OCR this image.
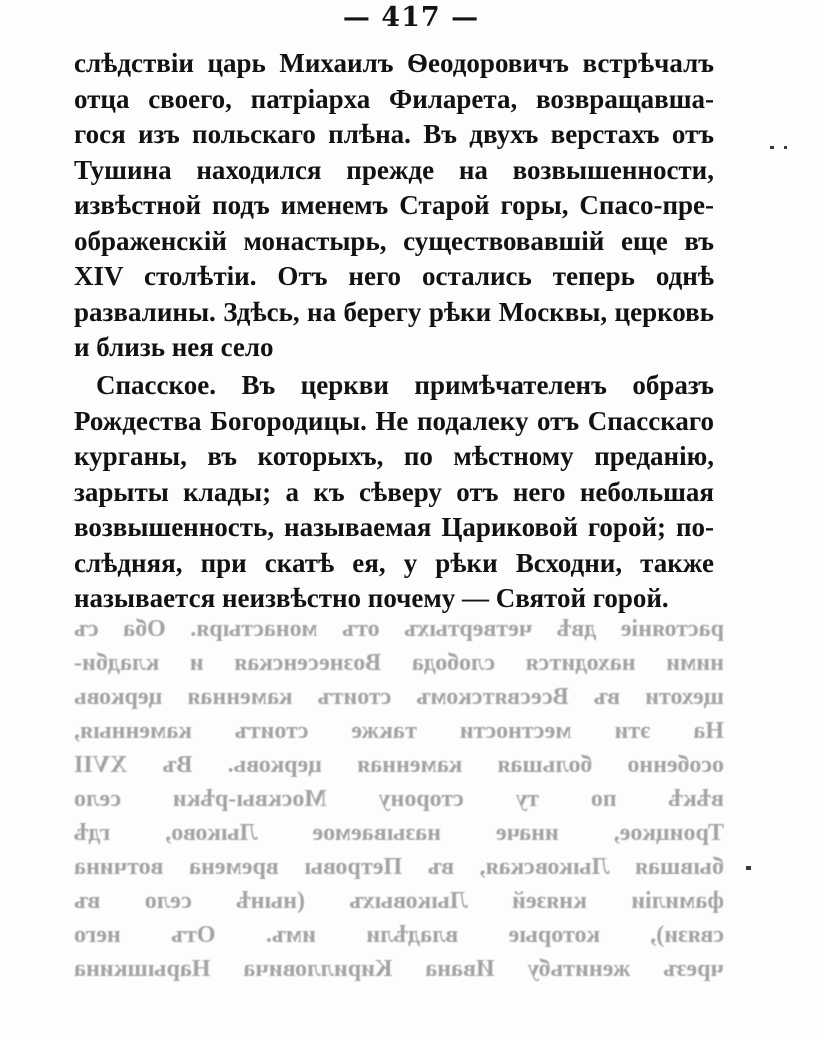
растояніе двѣ четвертыхъ отъ монастыря. Оба съ
ними находится слобода Вознесенская и кладби-
щехоти въ Всесвятскомъ стоитъ каменная церковь
На эти местности также стоитъ каменныя,
особенно большая каменная церковь. Въ ХVII
вѣкѣ по ту сторону Москвы-рѣки село
Троицкое, иначе называемое Лыково, гдѣ
бывшая Лыковская, въ Петровы времена вотчина
фамиліи князей Лыковыхъ (нынѣ село въ
связи), которые владѣли имъ. Отъ него
чрезъ женитьбу Ивана Кирилловича Нарышкина
— 417 —
слѣдствіи царь Михаилъ Ѳеодоровичъ встрѣчалъ
отца своего, патріарха Филарета, возвращавша-
гося изъ польскаго плѣна. Въ двухъ верстахъ отъ
Тушина находился прежде на возвышенности,
извѣстной подъ именемъ Старой горы, Спасо-пре-
ображенскій монастырь, существовавшій еще въ
XIV столѣтіи. Отъ него остались теперь однѣ
развалины. Здѣсь, на берегу рѣки Москвы, церковь
и близь нея село
Спасское. Въ церкви примѣчателенъ образъ
Рождества Богородицы. Не подалеку отъ Спасскаго
курганы, въ которыхъ, по мѣстному преданію,
зарыты клады; а къ сѣверу отъ него небольшая
возвышенность, называемая Цариковой горой; по-
слѣдняя, при скатѣ ея, у рѣки Всходни, также
называется неизвѣстно почему — Святой горой.
